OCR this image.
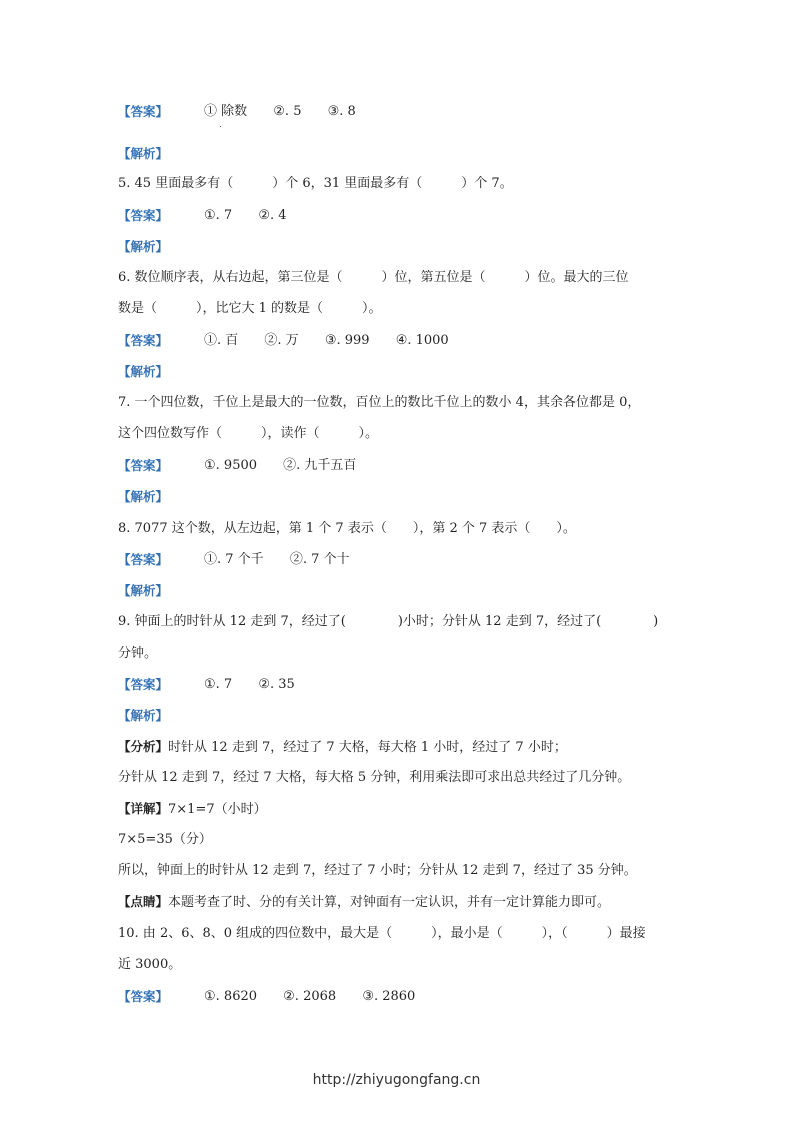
【答案】	① 除数 ②. 5 ③. 8
【解析】
5. 45 里面最多有（　　　）个 6，31 里面最多有（　　　）个 7。
【答案】	①. 7 ②. 4
【解析】
6. 数位顺序表，从右边起，第三位是（　　　）位，第五位是（　　　）位。最大的三位
数是（　　　），比它大 1 的数是（　　　）。
【答案】	①. 百 ②. 万 ③. 999 ④. 1000
【解析】
7. 一个四位数，千位上是最大的一位数，百位上的数比千位上的数小 4，其余各位都是 0，
这个四位数写作（　　　），读作（　　　）。
【答案】	①. 9500 ②. 九千五百
【解析】
8. 7077 这个数，从左边起，第 1 个 7 表示（　　），第 2 个 7 表示（　　）。
【答案】	①. 7 个千 ②. 7 个十
【解析】
9. 钟面上的时针从 12 走到 7，经过了(　　　　)小时；分针从 12 走到 7，经过了(　　　　)
分钟。
【答案】	①. 7 ②. 35
【解析】
【分析】时针从 12 走到 7，经过了 7 大格，每大格 1 小时，经过了 7 小时；
分针从 12 走到 7，经过 7 大格，每大格 5 分钟，利用乘法即可求出总共经过了几分钟。
【详解】7×1=7（小时）
7×5=35（分）
所以，钟面上的时针从 12 走到 7，经过了 7 小时；分针从 12 走到 7，经过了 35 分钟。
【点睛】本题考查了时、分的有关计算，对钟面有一定认识，并有一定计算能力即可。
10. 由 2、6、8、0 组成的四位数中，最大是（　　　），最小是（　　　），（　　　）最接
近 3000。
【答案】	①. 8620 ②. 2068 ③. 2860
http://zhiyugongfang.cn
